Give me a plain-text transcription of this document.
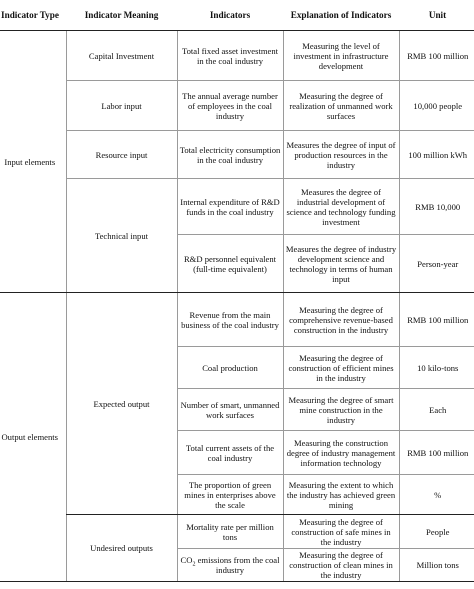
Indicator Type	Indicator Meaning	Indicators	Explanation of Indicators	Unit
Input elements	Capital Investment	Total fixed asset investment in the coal industry	Measuring the level of investment in infrastructure development	RMB 100 million
	Labor input	The annual average number of employees in the coal industry	Measuring the degree of realization of unmanned work surfaces	10,000 people
	Resource input	Total electricity consumption in the coal industry	Measures the degree of input of production resources in the industry	100 million kWh
	Technical input	Internal expenditure of R&D funds in the coal industry	Measures the degree of industrial development of science and technology funding investment	RMB 10,000
		R&D personnel equivalent (full-time equivalent)	Measures the degree of industry development science and technology in terms of human input	Person-year
Output elements	Expected output	Revenue from the main business of the coal industry	Measuring the degree of comprehensive revenue-based construction in the industry	RMB 100 million
		Coal production	Measuring the degree of construction of efficient mines in the industry	10 kilo-tons
		Number of smart, unmanned work surfaces	Measuring the degree of smart mine construction in the industry	Each
		Total current assets of the coal industry	Measuring the construction degree of industry management information technology	RMB 100 million
		The proportion of green mines in enterprises above the scale	Measuring the extent to which the industry has achieved green mining	%
	Undesired outputs	Mortality rate per million tons	Measuring the degree of construction of safe mines in the industry	People
		$CO_2$ emissions from the coal industry	Measuring the degree of construction of clean mines in the industry	Million tons
